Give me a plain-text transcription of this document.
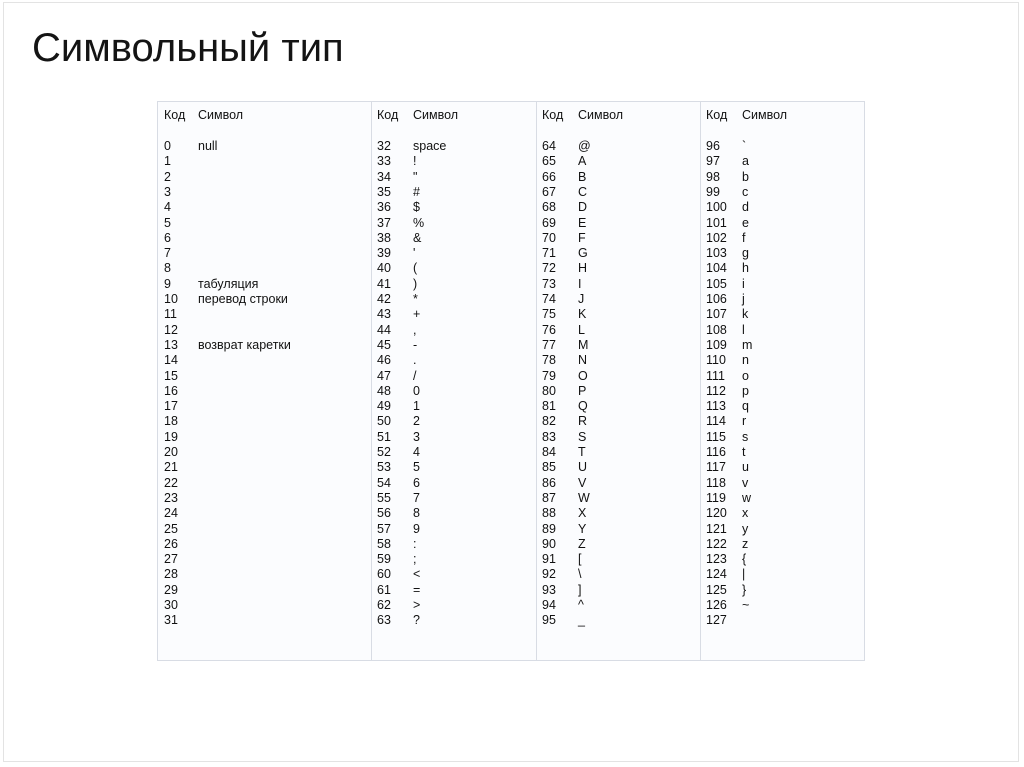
Символьный тип
Код Символ
0 null
1
2
3
4
5
6
7
8
9 табуляция
10 перевод строки
11
12
13 возврат каретки
14
15
16
17
18
19
20
21
22
23
24
25
26
27
28
29
30
31
Код Символ
32 space
33 !
34 "
35 #
36 $
37 %
38 &
39 '
40 (
41 )
42 *
43 +
44 ,
45 -
46 .
47 /
48 0
49 1
50 2
51 3
52 4
53 5
54 6
55 7
56 8
57 9
58 :
59 ;
60 <
61 =
62 >
63 ?
Код Символ
64 @
65 A
66 B
67 C
68 D
69 E
70 F
71 G
72 H
73 I
74 J
75 K
76 L
77 M
78 N
79 O
80 P
81 Q
82 R
83 S
84 T
85 U
86 V
87 W
88 X
89 Y
90 Z
91 [
92 \
93 ]
94 ^
95 _
Код Символ
96 `
97 a
98 b
99 c
100 d
101 e
102 f
103 g
104 h
105 i
106 j
107 k
108 l
109 m
110 n
111 o
112 p
113 q
114 r
115 s
116 t
117 u
118 v
119 w
120 x
121 y
122 z
123 {
124 |
125 }
126 ~
127
